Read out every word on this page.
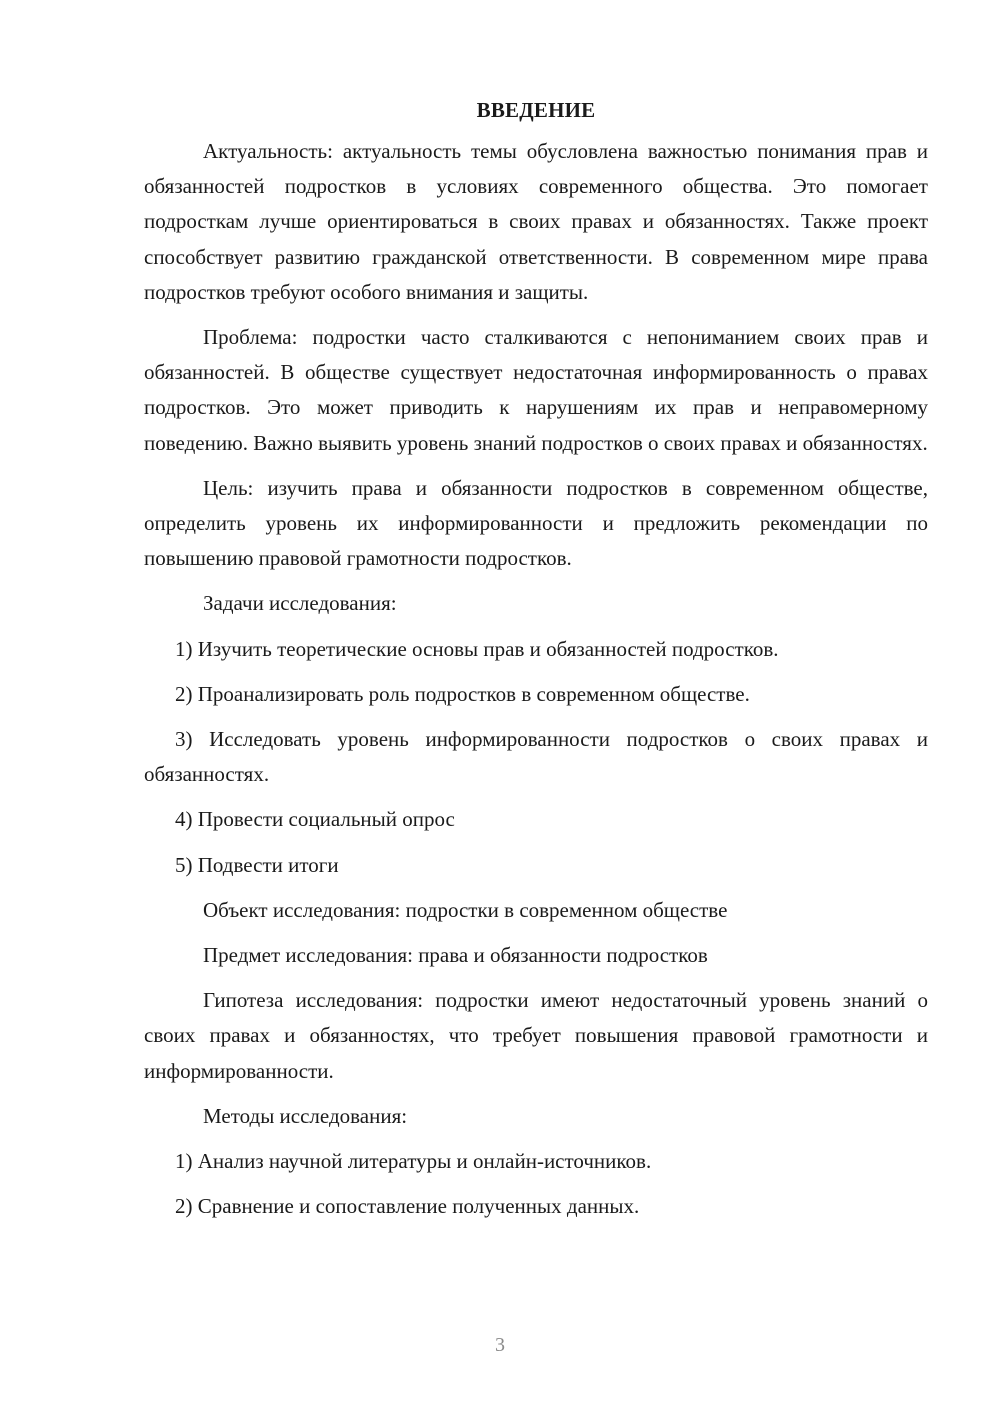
ВВЕДЕНИЕ

Актуальность: актуальность темы обусловлена важностью понимания прав и обязанностей подростков в условиях современного общества. Это помогает подросткам лучше ориентироваться в своих правах и обязанностях. Также проект способствует развитию гражданской ответственности. В современном мире права подростков требуют особого внимания и защиты.

Проблема: подростки часто сталкиваются с непониманием своих прав и обязанностей. В обществе существует недостаточная информированность о правах подростков. Это может приводить к нарушениям их прав и неправомерному поведению. Важно выявить уровень знаний подростков о своих правах и обязанностях.

Цель: изучить права и обязанности подростков в современном обществе, определить уровень их информированности и предложить рекомендации по повышению правовой грамотности подростков.

Задачи исследования:

1) Изучить теоретические основы прав и обязанностей подростков.

2) Проанализировать роль подростков в современном обществе.

3) Исследовать уровень информированности подростков о своих правах и обязанностях.

4) Провести социальный опрос

5) Подвести итоги

Объект исследования: подростки в современном обществе

Предмет исследования: права и обязанности подростков

Гипотеза исследования: подростки имеют недостаточный уровень знаний о своих правах и обязанностях, что требует повышения правовой грамотности и информированности.

Методы исследования:

1) Анализ научной литературы и онлайн-источников.

2) Сравнение и сопоставление полученных данных.

3
